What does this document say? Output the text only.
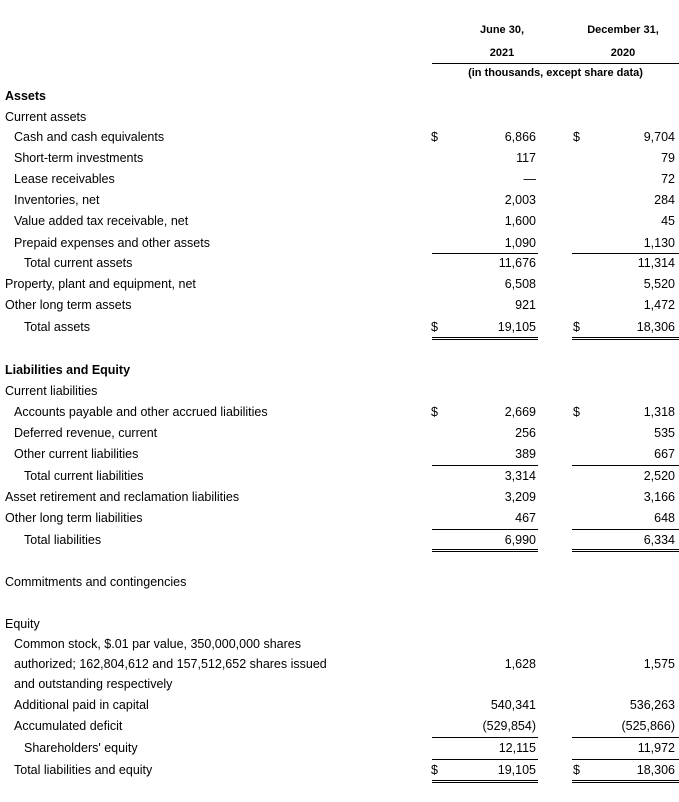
June 30,
2021
December 31,
2020
(in thousands, except share data)
Assets
Current assets
Cash and cash equivalents	$	6,866	$	9,704
Short-term investments	117	79
Lease receivables	—	72
Inventories, net	2,003	284
Value added tax receivable, net	1,600	45
Prepaid expenses and other assets	1,090	1,130
Total current assets	11,676	11,314
Property, plant and equipment, net	6,508	5,520
Other long term assets	921	1,472
Total assets	$	19,105	$	18,306
Liabilities and Equity
Current liabilities
Accounts payable and other accrued liabilities	$	2,669	$	1,318
Deferred revenue, current	256	535
Other current liabilities	389	667
Total current liabilities	3,314	2,520
Asset retirement and reclamation liabilities	3,209	3,166
Other long term liabilities	467	648
Total liabilities	6,990	6,334
Commitments and contingencies
Equity
Common stock, $.01 par value, 350,000,000 shares
authorized; 162,804,612 and 157,512,652 shares issued	1,628	1,575
and outstanding respectively
Additional paid in capital	540,341	536,263
Accumulated deficit	(529,854)	(525,866)
Shareholders' equity	12,115	11,972
Total liabilities and equity	$	19,105	$	18,306
